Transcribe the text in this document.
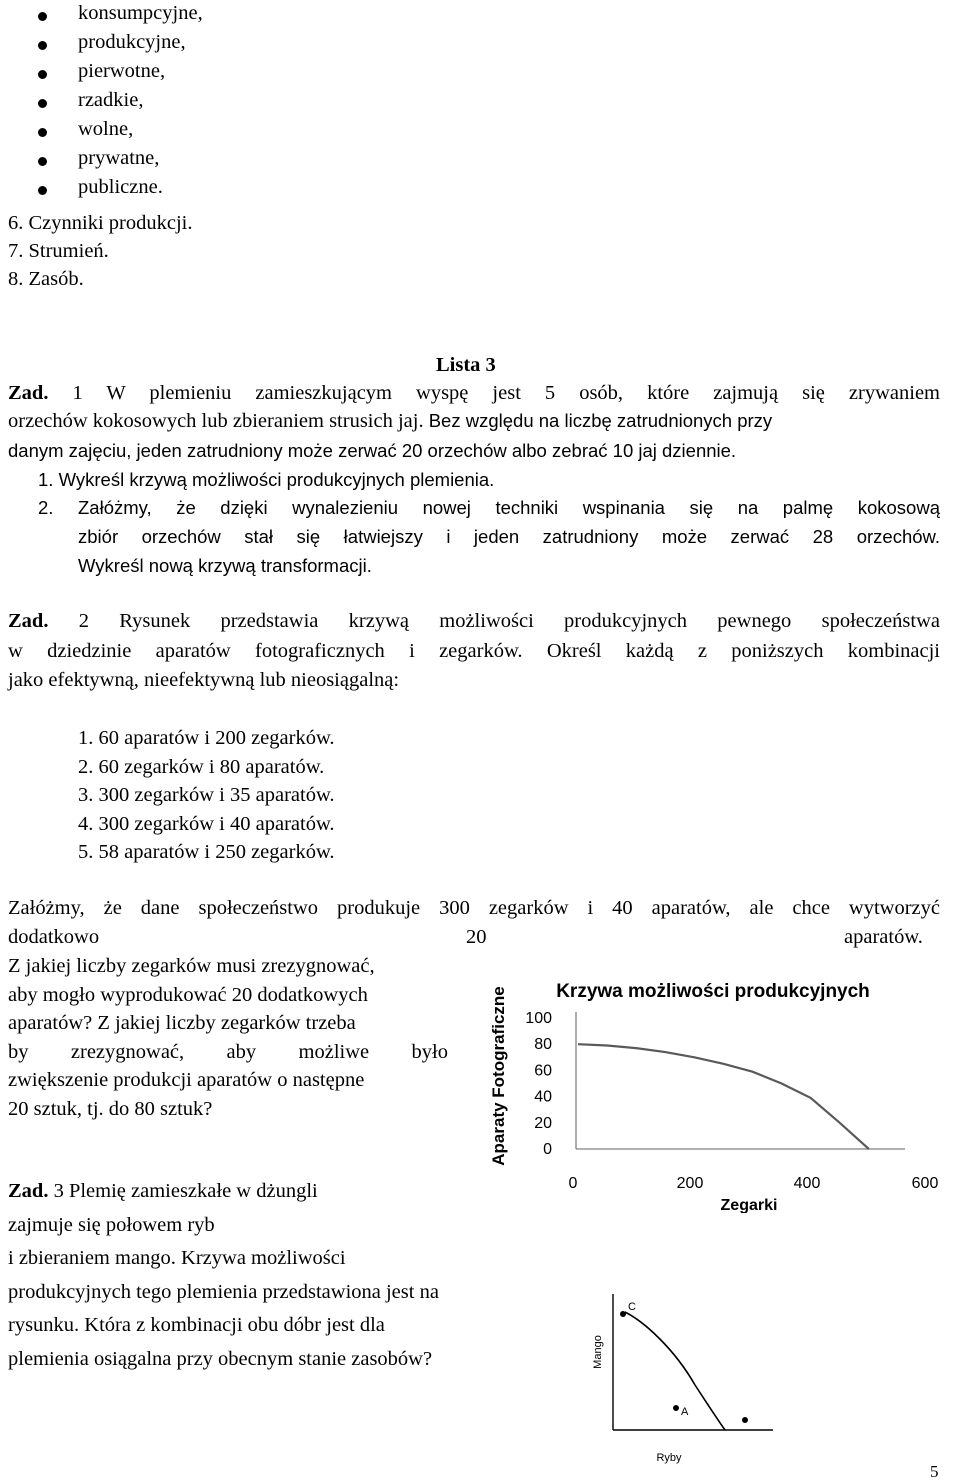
konsumpcyjne,
produkcyjne,
pierwotne,
rzadkie,
wolne,
prywatne,
publiczne.
6. Czynniki produkcji.
7. Strumień.
8. Zasób.
Lista 3
Zad. 1 W plemieniu zamieszkującym wyspę jest 5 osób, które zajmują się zrywaniem
orzechów kokosowych lub zbieraniem strusich jaj. Bez względu na liczbę zatrudnionych przy
danym zajęciu, jeden zatrudniony może zerwać 20 orzechów albo zebrać 10 jaj dziennie.
1. Wykreśl krzywą możliwości produkcyjnych plemienia.
2. Załóżmy, że dzięki wynalezieniu nowej techniki wspinania się na palmę kokosową
zbiór orzechów stał się łatwiejszy i jeden zatrudniony może zerwać 28 orzechów.
Wykreśl nową krzywą transformacji.
Zad. 2 Rysunek przedstawia krzywą możliwości produkcyjnych pewnego społeczeństwa
w dziedzinie aparatów fotograficznych i zegarków. Określ każdą z poniższych kombinacji
jako efektywną, nieefektywną lub nieosiągalną:
1. 60 aparatów i 200 zegarków.
2. 60 zegarków i 80 aparatów.
3. 300 zegarków i 35 aparatów.
4. 300 zegarków i 40 aparatów.
5. 58 aparatów i 250 zegarków.
Załóżmy, że dane społeczeństwo produkuje 300 zegarków i 40 aparatów, ale chce wytworzyć
dodatkowo	20	aparatów.
Z jakiej liczby zegarków musi zrezygnować,
aby mogło wyprodukować 20 dodatkowych
aparatów? Z jakiej liczby zegarków trzeba
by zrezygnować, aby możliwe było
zwiększenie produkcji aparatów o następne
20 sztuk, tj. do 80 sztuk?
Krzywa możliwości produkcyjnych
Aparaty Fotograficzne
Zegarki
100
80
60
40
20
0
0	200	400	600
Zad. 3 Plemię zamieszkałe w dżungli
zajmuje się połowem ryb
i zbieraniem mango. Krzywa możliwości
produkcyjnych tego plemienia przedstawiona jest na
rysunku. Która z kombinacji obu dóbr jest dla
plemienia osiągalna przy obecnym stanie zasobów?	Mango
Ryby
C
A
5
